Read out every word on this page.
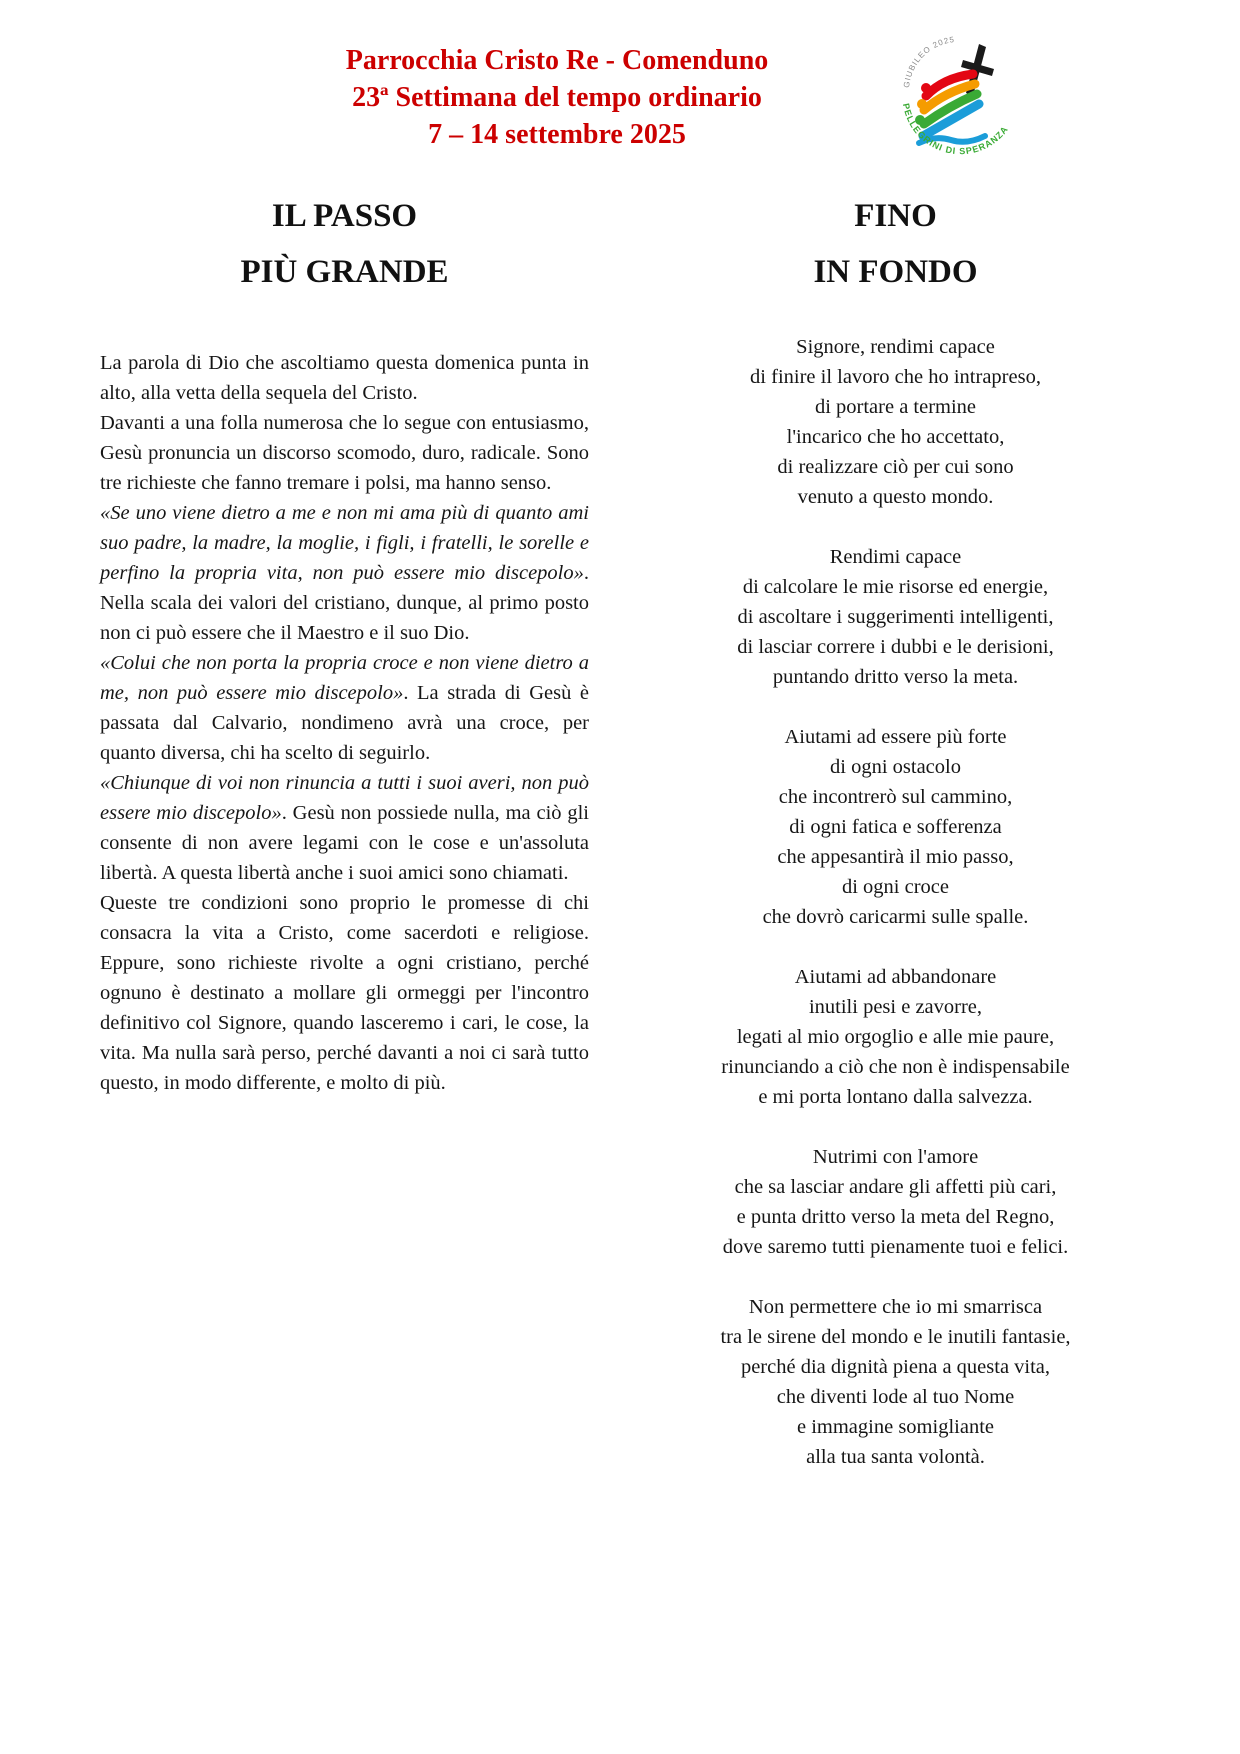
Parrocchia Cristo Re - Comenduno
23ª Settimana del tempo ordinario
7 – 14 settembre 2025
GIUBILEO 2025
PELLEGRINI DI SPERANZA
IL PASSO
PIÙ GRANDE

La parola di Dio che ascoltiamo questa domenica punta in alto, alla vetta della sequela del Cristo.

Davanti a una folla numerosa che lo segue con entusiasmo, Gesù pronuncia un discorso scomodo, duro, radicale. Sono tre richieste che fanno tremare i polsi, ma hanno senso.

«Se uno viene dietro a me e non mi ama più di quanto ami suo padre, la madre, la moglie, i figli, i fratelli, le sorelle e perfino la propria vita, non può essere mio discepolo». Nella scala dei valori del cristiano, dunque, al primo posto non ci può essere che il Maestro e il suo Dio.

«Colui che non porta la propria croce e non viene dietro a me, non può essere mio discepolo». La strada di Gesù è passata dal Calvario, nondimeno avrà una croce, per quanto diversa, chi ha scelto di seguirlo.

«Chiunque di voi non rinuncia a tutti i suoi averi, non può essere mio discepolo». Gesù non possiede nulla, ma ciò gli consente di non avere legami con le cose e un'assoluta libertà. A questa libertà anche i suoi amici sono chiamati.

Queste tre condizioni sono proprio le promesse di chi consacra la vita a Cristo, come sacerdoti e religiose. Eppure, sono richieste rivolte a ogni cristiano, perché ognuno è destinato a mollare gli ormeggi per l'incontro definitivo col Signore, quando lasceremo i cari, le cose, la vita. Ma nulla sarà perso, perché davanti a noi ci sarà tutto questo, in modo differente, e molto di più.

FINO
IN FONDO

Signore, rendimi capace
di finire il lavoro che ho intrapreso,
di portare a termine
l'incarico che ho accettato,
di realizzare ciò per cui sono
venuto a questo mondo.

Rendimi capace
di calcolare le mie risorse ed energie,
di ascoltare i suggerimenti intelligenti,
di lasciar correre i dubbi e le derisioni,
puntando dritto verso la meta.

Aiutami ad essere più forte
di ogni ostacolo
che incontrerò sul cammino,
di ogni fatica e sofferenza
che appesantirà il mio passo,
di ogni croce
che dovrò caricarmi sulle spalle.

Aiutami ad abbandonare
inutili pesi e zavorre,
legati al mio orgoglio e alle mie paure,
rinunciando a ciò che non è indispensabile
e mi porta lontano dalla salvezza.

Nutrimi con l'amore
che sa lasciar andare gli affetti più cari,
e punta dritto verso la meta del Regno,
dove saremo tutti pienamente tuoi e felici.

Non permettere che io mi smarrisca
tra le sirene del mondo e le inutili fantasie,
perché dia dignità piena a questa vita,
che diventi lode al tuo Nome
e immagine somigliante
alla tua santa volontà.
